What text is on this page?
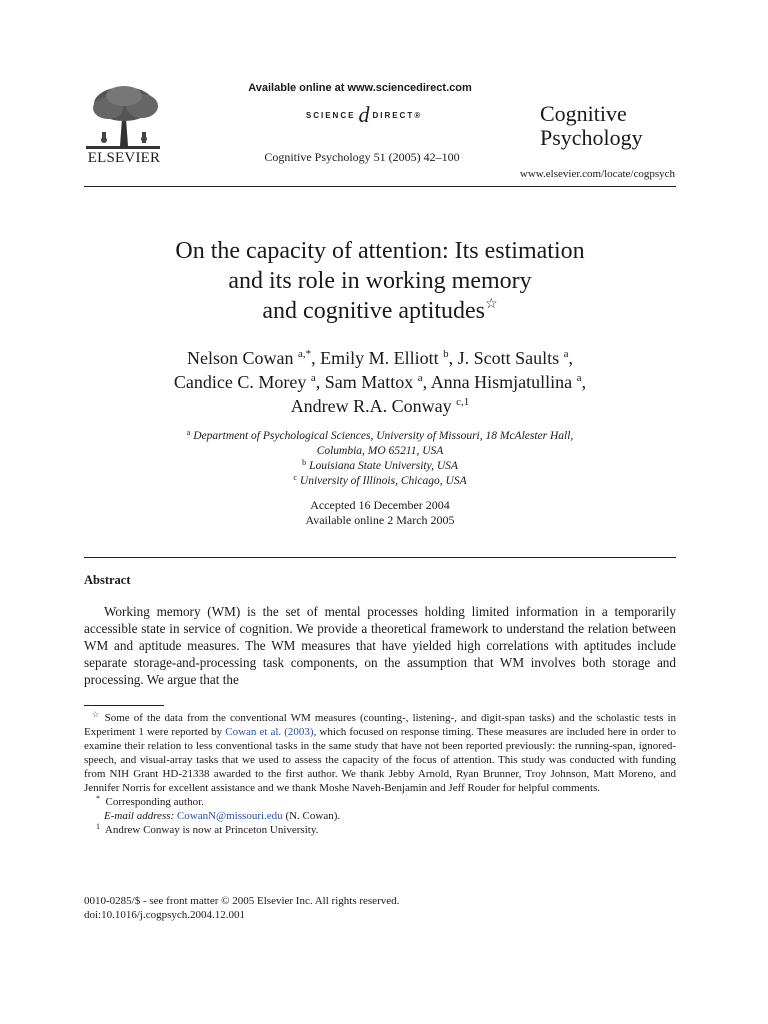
ELSEVIER
Available online at www.sciencedirect.com
SCIENCE d DIRECT®
Cognitive Psychology 51 (2005) 42–100
Cognitive
Psychology
www.elsevier.com/locate/cogpsych
On the capacity of attention: Its estimation
and its role in working memory
and cognitive aptitudes☆
Nelson Cowan $^{a,*}$, Emily M. Elliott $^b$, J. Scott Saults $^a$,
Candice C. Morey $^a$, Sam Mattox $^a$, Anna Hismjatullina $^a$,
Andrew R.A. Conway $^{c,1}$
$^a$ Department of Psychological Sciences, University of Missouri, 18 McAlester Hall,
Columbia, MO 65211, USA
$^b$ Louisiana State University, USA
$^c$ University of Illinois, Chicago, USA
Accepted 16 December 2004
Available online 2 March 2005
Abstract
Working memory (WM) is the set of mental processes holding limited information in a temporarily accessible state in service of cognition. We provide a theoretical framework to understand the relation between WM and aptitude measures. The WM measures that have yielded high correlations with aptitudes include separate storage-and-processing task components, on the assumption that WM involves both storage and processing. We argue that the

☆ Some of the data from the conventional WM measures (counting-, listening-, and digit-span tasks) and the scholastic tests in Experiment 1 were reported by Cowan et al. (2003), which focused on response timing. These measures are included here in order to examine their relation to less conventional tasks in the same study that have not been reported previously: the running-span, ignored-speech, and visual-array tasks that we used to assess the capacity of the focus of attention. This study was conducted with funding from NIH Grant HD-21338 awarded to the first author. We thank Jebby Arnold, Ryan Brunner, Troy Johnson, Matt Moreno, and Jennifer Norris for excellent assistance and we thank Moshe Naveh-Benjamin and Jeff Rouder for helpful comments.

* Corresponding author.

E-mail address: CowanN@missouri.edu (N. Cowan).

$^1$ Andrew Conway is now at Princeton University.

0010-0285/$ - see front matter © 2005 Elsevier Inc. All rights reserved.
doi:10.1016/j.cogpsych.2004.12.001
